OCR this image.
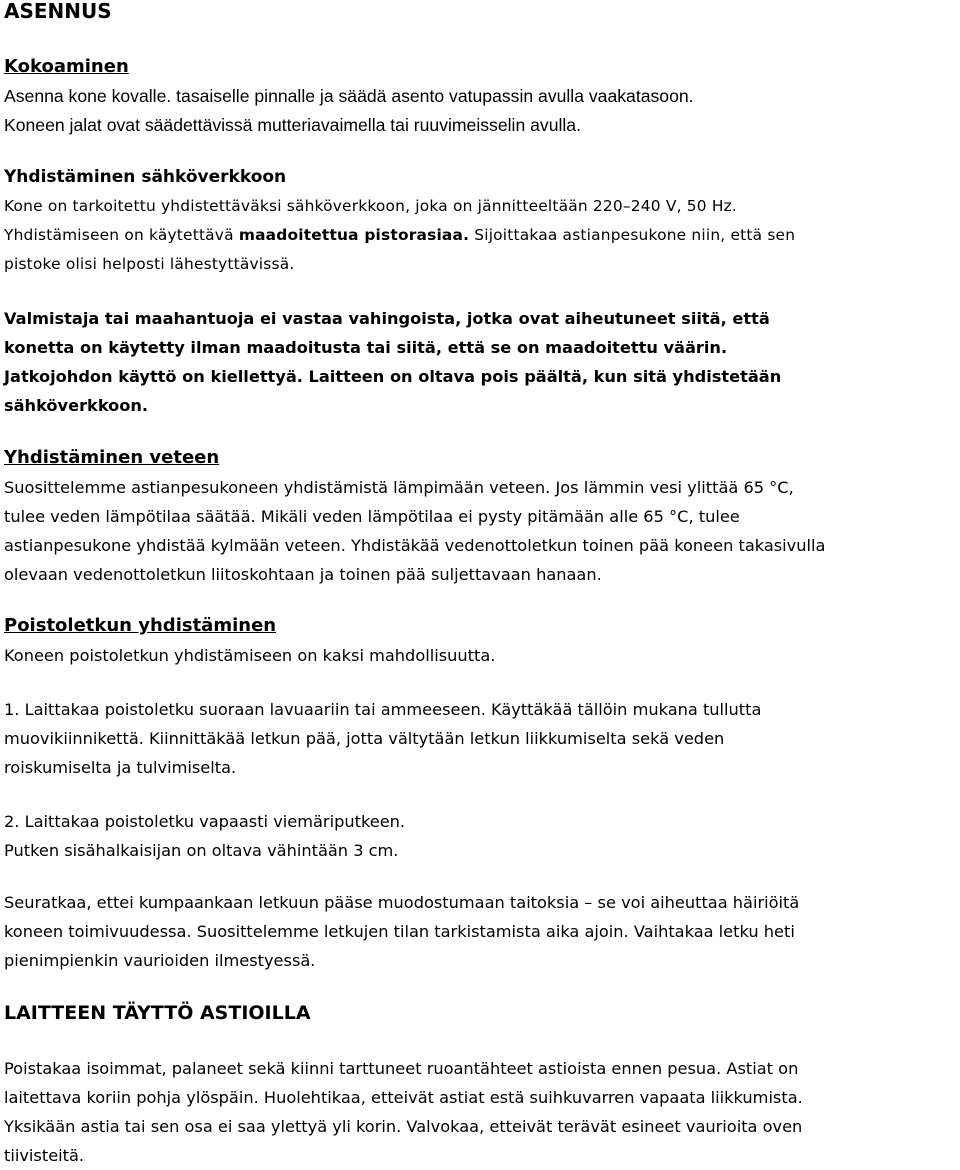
ASENNUS
Kokoaminen
Asenna kone kovalle. tasaiselle pinnalle ja säädä asento vatupassin avulla vaakatasoon.
Koneen jalat ovat säädettävissä mutteriavaimella tai ruuvimeisselin avulla.
Yhdistäminen sähköverkkoon
Kone on tarkoitettu yhdistettäväksi sähköverkkoon, joka on jännitteeltään 220–240 V, 50 Hz.
Yhdistämiseen on käytettävä maadoitettua pistorasiaa. Sijoittakaa astianpesukone niin, että sen
pistoke olisi helposti lähestyttävissä.
Valmistaja tai maahantuoja ei vastaa vahingoista, jotka ovat aiheutuneet siitä, että
konetta on käytetty ilman maadoitusta tai siitä, että se on maadoitettu väärin.
Jatkojohdon käyttö on kiellettyä. Laitteen on oltava pois päältä, kun sitä yhdistetään
sähköverkkoon.
Yhdistäminen veteen
Suosittelemme astianpesukoneen yhdistämistä lämpimään veteen. Jos lämmin vesi ylittää 65 °C,
tulee veden lämpötilaa säätää. Mikäli veden lämpötilaa ei pysty pitämään alle 65 °C, tulee
astianpesukone yhdistää kylmään veteen. Yhdistäkää vedenottoletkun toinen pää koneen takasivulla
olevaan vedenottoletkun liitoskohtaan ja toinen pää suljettavaan hanaan.
Poistoletkun yhdistäminen
Koneen poistoletkun yhdistämiseen on kaksi mahdollisuutta.
1. Laittakaa poistoletku suoraan lavuaariin tai ammeeseen. Käyttäkää tällöin mukana tullutta
muovikiinnikettä. Kiinnittäkää letkun pää, jotta vältytään letkun liikkumiselta sekä veden
roiskumiselta ja tulvimiselta.
2. Laittakaa poistoletku vapaasti viemäriputkeen.
Putken sisähalkaisijan on oltava vähintään 3 cm.
Seuratkaa, ettei kumpaankaan letkuun pääse muodostumaan taitoksia – se voi aiheuttaa häiriöitä
koneen toimivuudessa. Suosittelemme letkujen tilan tarkistamista aika ajoin. Vaihtakaa letku heti
pienimpienkin vaurioiden ilmestyessä.
LAITTEEN TÄYTTÖ ASTIOILLA
Poistakaa isoimmat, palaneet sekä kiinni tarttuneet ruoantähteet astioista ennen pesua. Astiat on
laitettava koriin pohja ylöspäin. Huolehtikaa, etteivät astiat estä suihkuvarren vapaata liikkumista.
Yksikään astia tai sen osa ei saa ylettyä yli korin. Valvokaa, etteivät terävät esineet vaurioita oven
tiivisteitä.
